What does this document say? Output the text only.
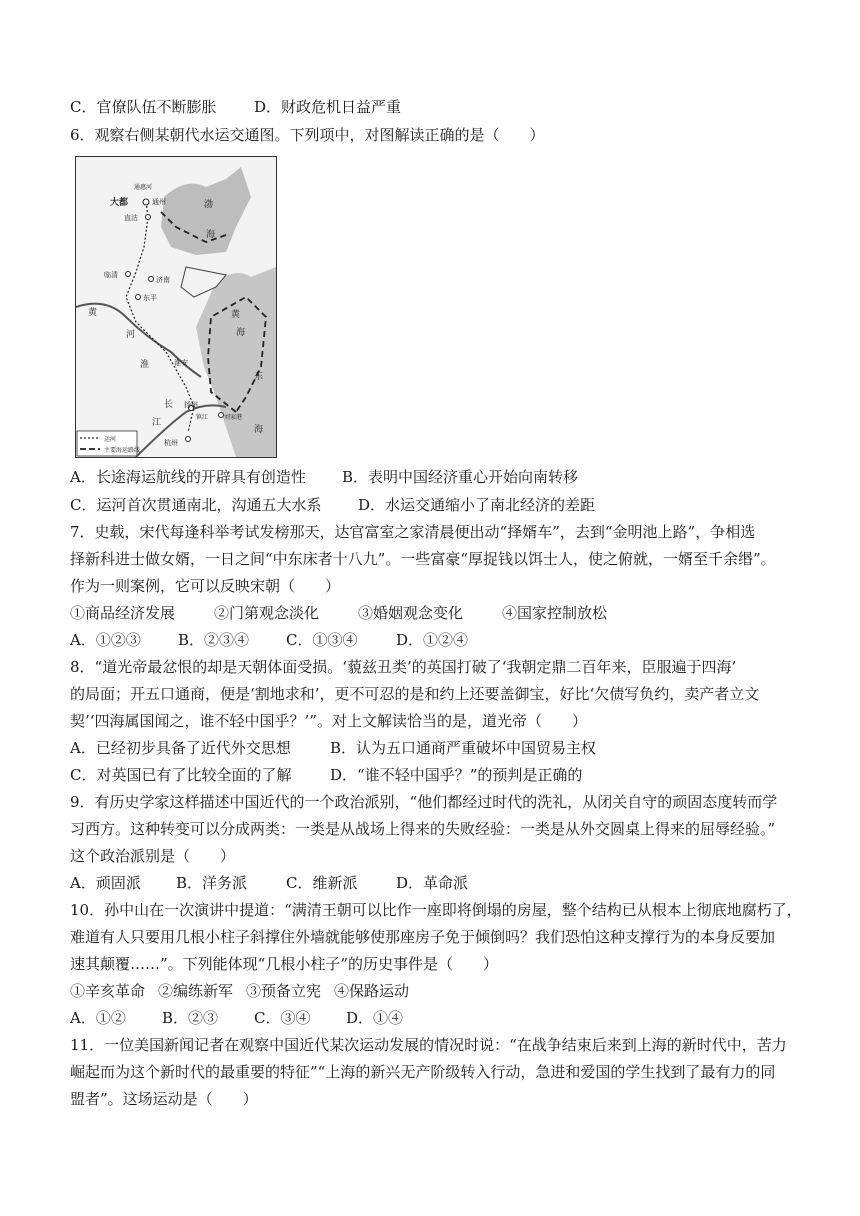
C．官僚队伍不断膨胀	D．财政危机日益严重
6．观察右侧某朝代水运交通图。下列项中，对图解读正确的是（　　）
通惠河
大都	通州
直沽
临清
济南
东平
淮安
扬州
刘家港
杭州
镇江
渤
海
黄
海
东
海
黄
河
淮
长
江
运河
主要海运路线
A．长途海运航线的开辟具有创造性 B．表明中国经济重心开始向南转移
C．运河首次贯通南北，沟通五大水系 D．水运交通缩小了南北经济的差距
7．史载，宋代每逢科举考试发榜那天，达官富室之家清晨便出动“择婿车”，去到“金明池上路”，争相选
择新科进士做女婿，一日之间“中东床者十八九”。一些富豪“厚捉钱以饵士人，使之俯就，一婿至千余缗”。
作为一则案例，它可以反映宋朝（　　）
①商品经济发展	②门第观念淡化	③婚姻观念变化	④国家控制放松
A．①②③ B．②③④ C．①③④	D．①②④
8．“道光帝最忿恨的却是天朝体面受损。‘藐兹丑类’的英国打破了‘我朝定鼎二百年来，臣服遍于四海’
的局面；开五口通商，便是‘割地求和’，更不可忍的是和约上还要盖御宝，好比‘欠债写负约，卖产者立文
契’‘四海属国闻之，谁不轻中国乎？’”。对上文解读恰当的是，道光帝（　　）
A．已经初步具备了近代外交思想	B．认为五口通商严重破坏中国贸易主权
C．对英国已有了比较全面的了解	D．“谁不轻中国乎？”的预判是正确的
9．有历史学家这样描述中国近代的一个政治派别，“他们都经过时代的洗礼，从闭关自守的顽固态度转而学
习西方。这种转变可以分成两类：一类是从战场上得来的失败经验：一类是从外交圆桌上得来的屈辱经验。”
这个政治派别是（　　）
A．顽固派 B．洋务派	C．维新派	D．革命派
10．孙中山在一次演讲中提道：“满清王朝可以比作一座即将倒塌的房屋，整个结构已从根本上彻底地腐朽了，
难道有人只要用几根小柱子斜撑住外墙就能够使那座房子免于倾倒吗？我们恐怕这种支撑行为的本身反要加
速其颠覆……”。下列能体现“几根小柱子”的历史事件是（　　）
①辛亥革命 ②编练新军 ③预备立宪 ④保路运动
A．①② B．②③ C．③④ D．①④
11．一位美国新闻记者在观察中国近代某次运动发展的情况时说：“在战争结束后来到上海的新时代中，苦力
崛起而为这个新时代的最重要的特征”“上海的新兴无产阶级转入行动，急进和爱国的学生找到了最有力的同
盟者”。这场运动是（　　）
